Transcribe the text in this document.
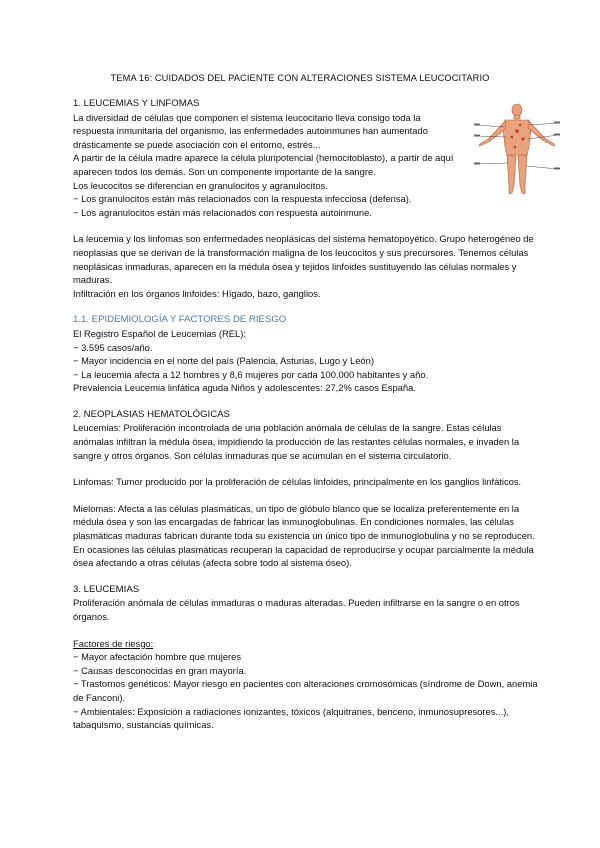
TEMA 16: CUIDADOS DEL PACIENTE CON ALTERACIONES SISTEMA LEUCOCITARIO

1. LEUCEMIAS Y LINFOMAS

La diversidad de células que componen el sistema leucocitario lleva consigo toda la

respuesta inmunitaria del organismo, las enfermedades autoinmunes han aumentado

drásticamente se puede asociación con el entorno, estrés...

A partir de la célula madre aparece la célula pluripotencial (hemocitoblasto), a partir de aquí

aparecen todos los demás. Son un componente importante de la sangre.

Los leucocitos se diferencian en granulocitos y agranulocitos.

− Los granulocitos están más relacionados con la respuesta infecciosa (defensa).

− Los agranulocitos están más relacionados con respuesta autoinmune.

La leucemia y los linfomas son enfermedades neoplásicas del sistema hematopoyético. Grupo heterogéneo de neoplasias que se derivan de la transformación maligna de los leucocitos y sus precursores. Tenemos células neoplásicas inmaduras, aparecen en la médula ósea y tejidos linfoides sustituyendo las células normales y maduras.

Infiltración en los órganos linfoides: Hígado, bazo, ganglios.

1.1. EPIDEMIOLOGÍA Y FACTORES DE RIESGO

El Registro Español de Leucemias (REL):

− 3.595 casos/año.

− Mayor incidencia en el norte del país (Palencia, Asturias, Lugo y León)

− La leucemia afecta a 12 hombres y 8,6 mujeres por cada 100.000 habitantes y año.

Prevalencia Leucemia linfática aguda Niños y adolescentes: 27,2% casos España.

2. NEOPLASIAS HEMATOLÓGICAS

Leucemias: Proliferación incontrolada de una población anómala de células de la sangre. Estas células anómalas infiltran la médula ósea, impidiendo la producción de las restantes células normales, e invaden la sangre y otros órganos. Son células inmaduras que se acumulan en el sistema circulatorio.

Linfomas: Tumor producido por la proliferación de células linfoides, principalmente en los ganglios linfáticos.

Mielomas: Afecta a las células plasmáticas, un tipo de glóbulo blanco que se localiza preferentemente en la médula ósea y son las encargadas de fabricar las inmunoglobulinas. En condiciones normales, las células plasmáticas maduras fabrican durante toda su existencia un único tipo de inmunoglobulina y no se reproducen. En ocasiones las células plasmáticas recuperan la capacidad de reproducirse y ocupar parcialmente la médula ósea afectando a otras células (afecta sobre todo al sistema óseo).

3. LEUCEMIAS

Proliferación anómala de células inmaduras o maduras alteradas. Pueden infiltrarse en la sangre o en otros órganos.

Factores de riesgo:

− Mayor afectación hombre que mujeres

− Causas desconocidas en gran mayoría.

− Trastornos genéticos: Mayor riesgo en pacientes con alteraciones cromosómicas (síndrome de Down, anemia de Fanconi).

− Ambientales: Exposición a radiaciones ionizantes, tóxicos (alquitranes, benceno, inmunosupresores...), tabaquismo, sustancias químicas.
